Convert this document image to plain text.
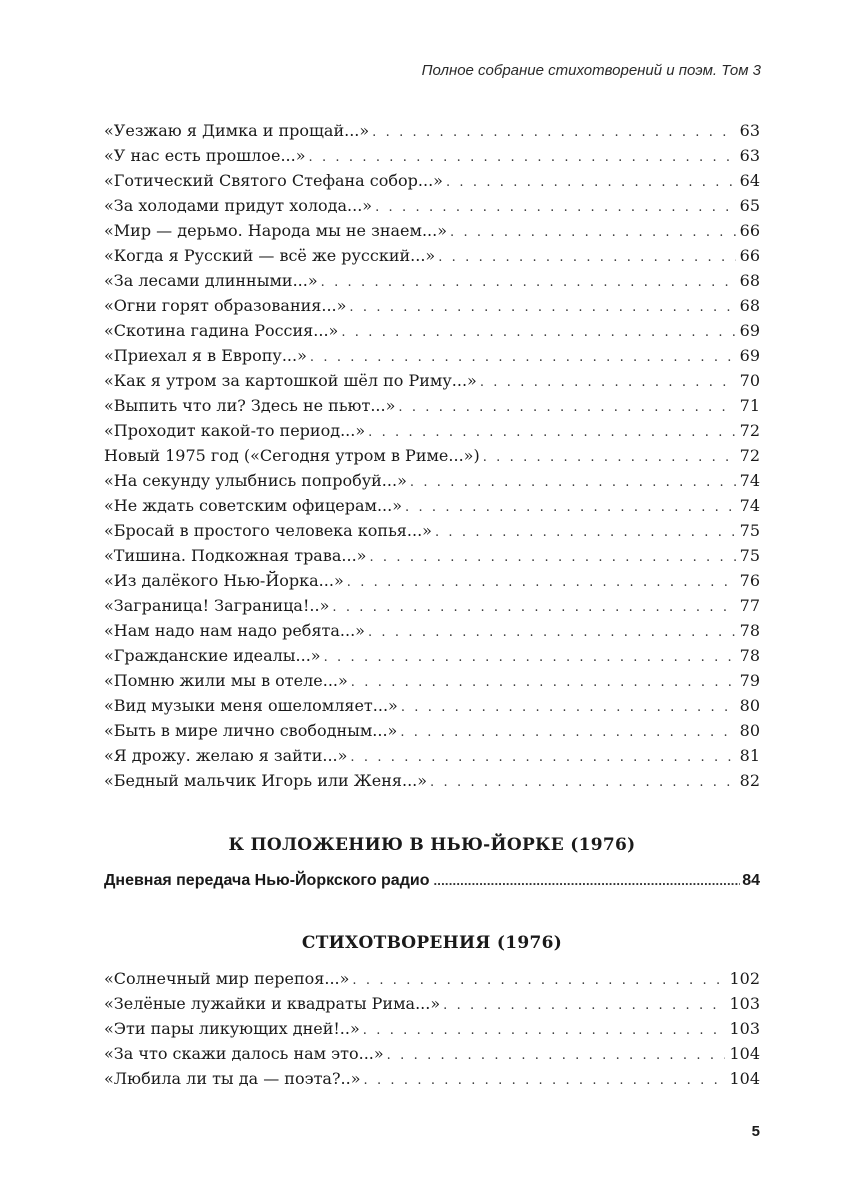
Полное собрание стихотворений и поэм. Том 3
«Уезжаю я Димка и прощай...» . . .	63
«У нас есть прошлое...» . . .	63
«Готический Святого Стефана собор...» . . .	64
«За холодами придут холода...» . . .	65
«Мир — дерьмо. Народа мы не знаем...» . . .	66
«Когда я Русский — всё же русский...» . . .	66
«За лесами длинными...» . . .	68
«Огни горят образования...» . . .	68
«Скотина гадина Россия...» . . .	69
«Приехал я в Европу...» . . .	69
«Как я утром за картошкой шёл по Риму...» . . .	70
«Выпить что ли? Здесь не пьют...» . . .	71
«Проходит какой-то период...» . . .	72
Новый 1975 год («Сегодня утром в Риме...») . . .	72
«На секунду улыбнись попробуй...» . . .	74
«Не ждать советским офицерам...» . . .	74
«Бросай в простого человека копья...» . . .	75
«Тишина. Подкожная трава...» . . .	75
«Из далёкого Нью-Йорка...» . . .	76
«Заграница! Заграница!..» . . .	77
«Нам надо нам надо ребята...» . . .	78
«Гражданские идеалы...» . . .	78
«Помню жили мы в отеле...» . . .	79
«Вид музыки меня ошеломляет...» . . .	80
«Быть в мире лично свободным...» . . .	80
«Я дрожу. желаю я зайти...» . . .	81
«Бедный мальчик Игорь или Женя...» . . .	82
К ПОЛОЖЕНИЮ В НЬЮ-ЙОРКЕ (1976)
Дневная передача Нью-Йоркского радио .....	84
СТИХОТВОРЕНИЯ (1976)
«Солнечный мир перепоя...» . . .	102
«Зелёные лужайки и квадраты Рима...» . . .	103
«Эти пары ликующих дней!..» . . .	103
«За что скажи далось нам это...» . . .	104
«Любила ли ты да — поэта?..» . . .	104
5
